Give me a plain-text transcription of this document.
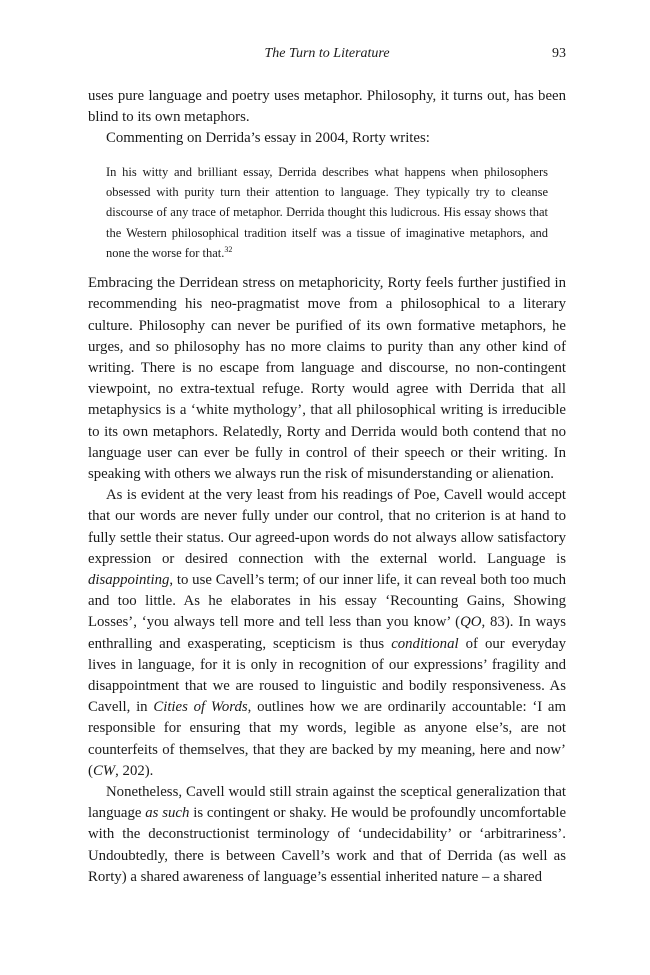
The Turn to Literature	93

uses pure language and poetry uses metaphor. Philosophy, it turns out, has been blind to its own metaphors.

Commenting on Derrida’s essay in 2004, Rorty writes:

In his witty and brilliant essay, Derrida describes what happens when philosophers obsessed with purity turn their attention to language. They typically try to cleanse discourse of any trace of metaphor. Derrida thought this ludicrous. His essay shows that the Western philosophical tradition itself was a tissue of imaginative metaphors, and none the worse for that.$^{32}$

Embracing the Derridean stress on metaphoricity, Rorty feels further justified in recommending his neo-pragmatist move from a philosophical to a literary culture. Philosophy can never be purified of its own formative metaphors, he urges, and so philosophy has no more claims to purity than any other kind of writing. There is no escape from language and discourse, no non-contingent viewpoint, no extra-textual refuge. Rorty would agree with Derrida that all metaphysics is a ‘white mythology’, that all philosophical writing is irreducible to its own metaphors. Relatedly, Rorty and Derrida would both contend that no language user can ever be fully in control of their speech or their writing. In speaking with others we always run the risk of misunderstanding or alienation.

As is evident at the very least from his readings of Poe, Cavell would accept that our words are never fully under our control, that no criterion is at hand to fully settle their status. Our agreed-upon words do not always allow satisfactory expression or desired connection with the external world. Language is disappointing, to use Cavell’s term; of our inner life, it can reveal both too much and too little. As he elaborates in his essay ‘Recounting Gains, Showing Losses’, ‘you always tell more and tell less than you know’ (QO, 83). In ways enthralling and exasperating, scepticism is thus conditional of our everyday lives in language, for it is only in recognition of our expressions’ fragility and disappointment that we are roused to linguistic and bodily responsiveness. As Cavell, in Cities of Words, outlines how we are ordinarily accountable: ‘I am responsible for ensuring that my words, legible as anyone else’s, are not counterfeits of themselves, that they are backed by my meaning, here and now’ (CW, 202).

Nonetheless, Cavell would still strain against the sceptical generalization that language as such is contingent or shaky. He would be profoundly uncomfortable with the deconstructionist terminology of ‘undecidability’ or ‘arbitrariness’. Undoubtedly, there is between Cavell’s work and that of Derrida (as well as Rorty) a shared awareness of language’s essential inherited nature – a shared
